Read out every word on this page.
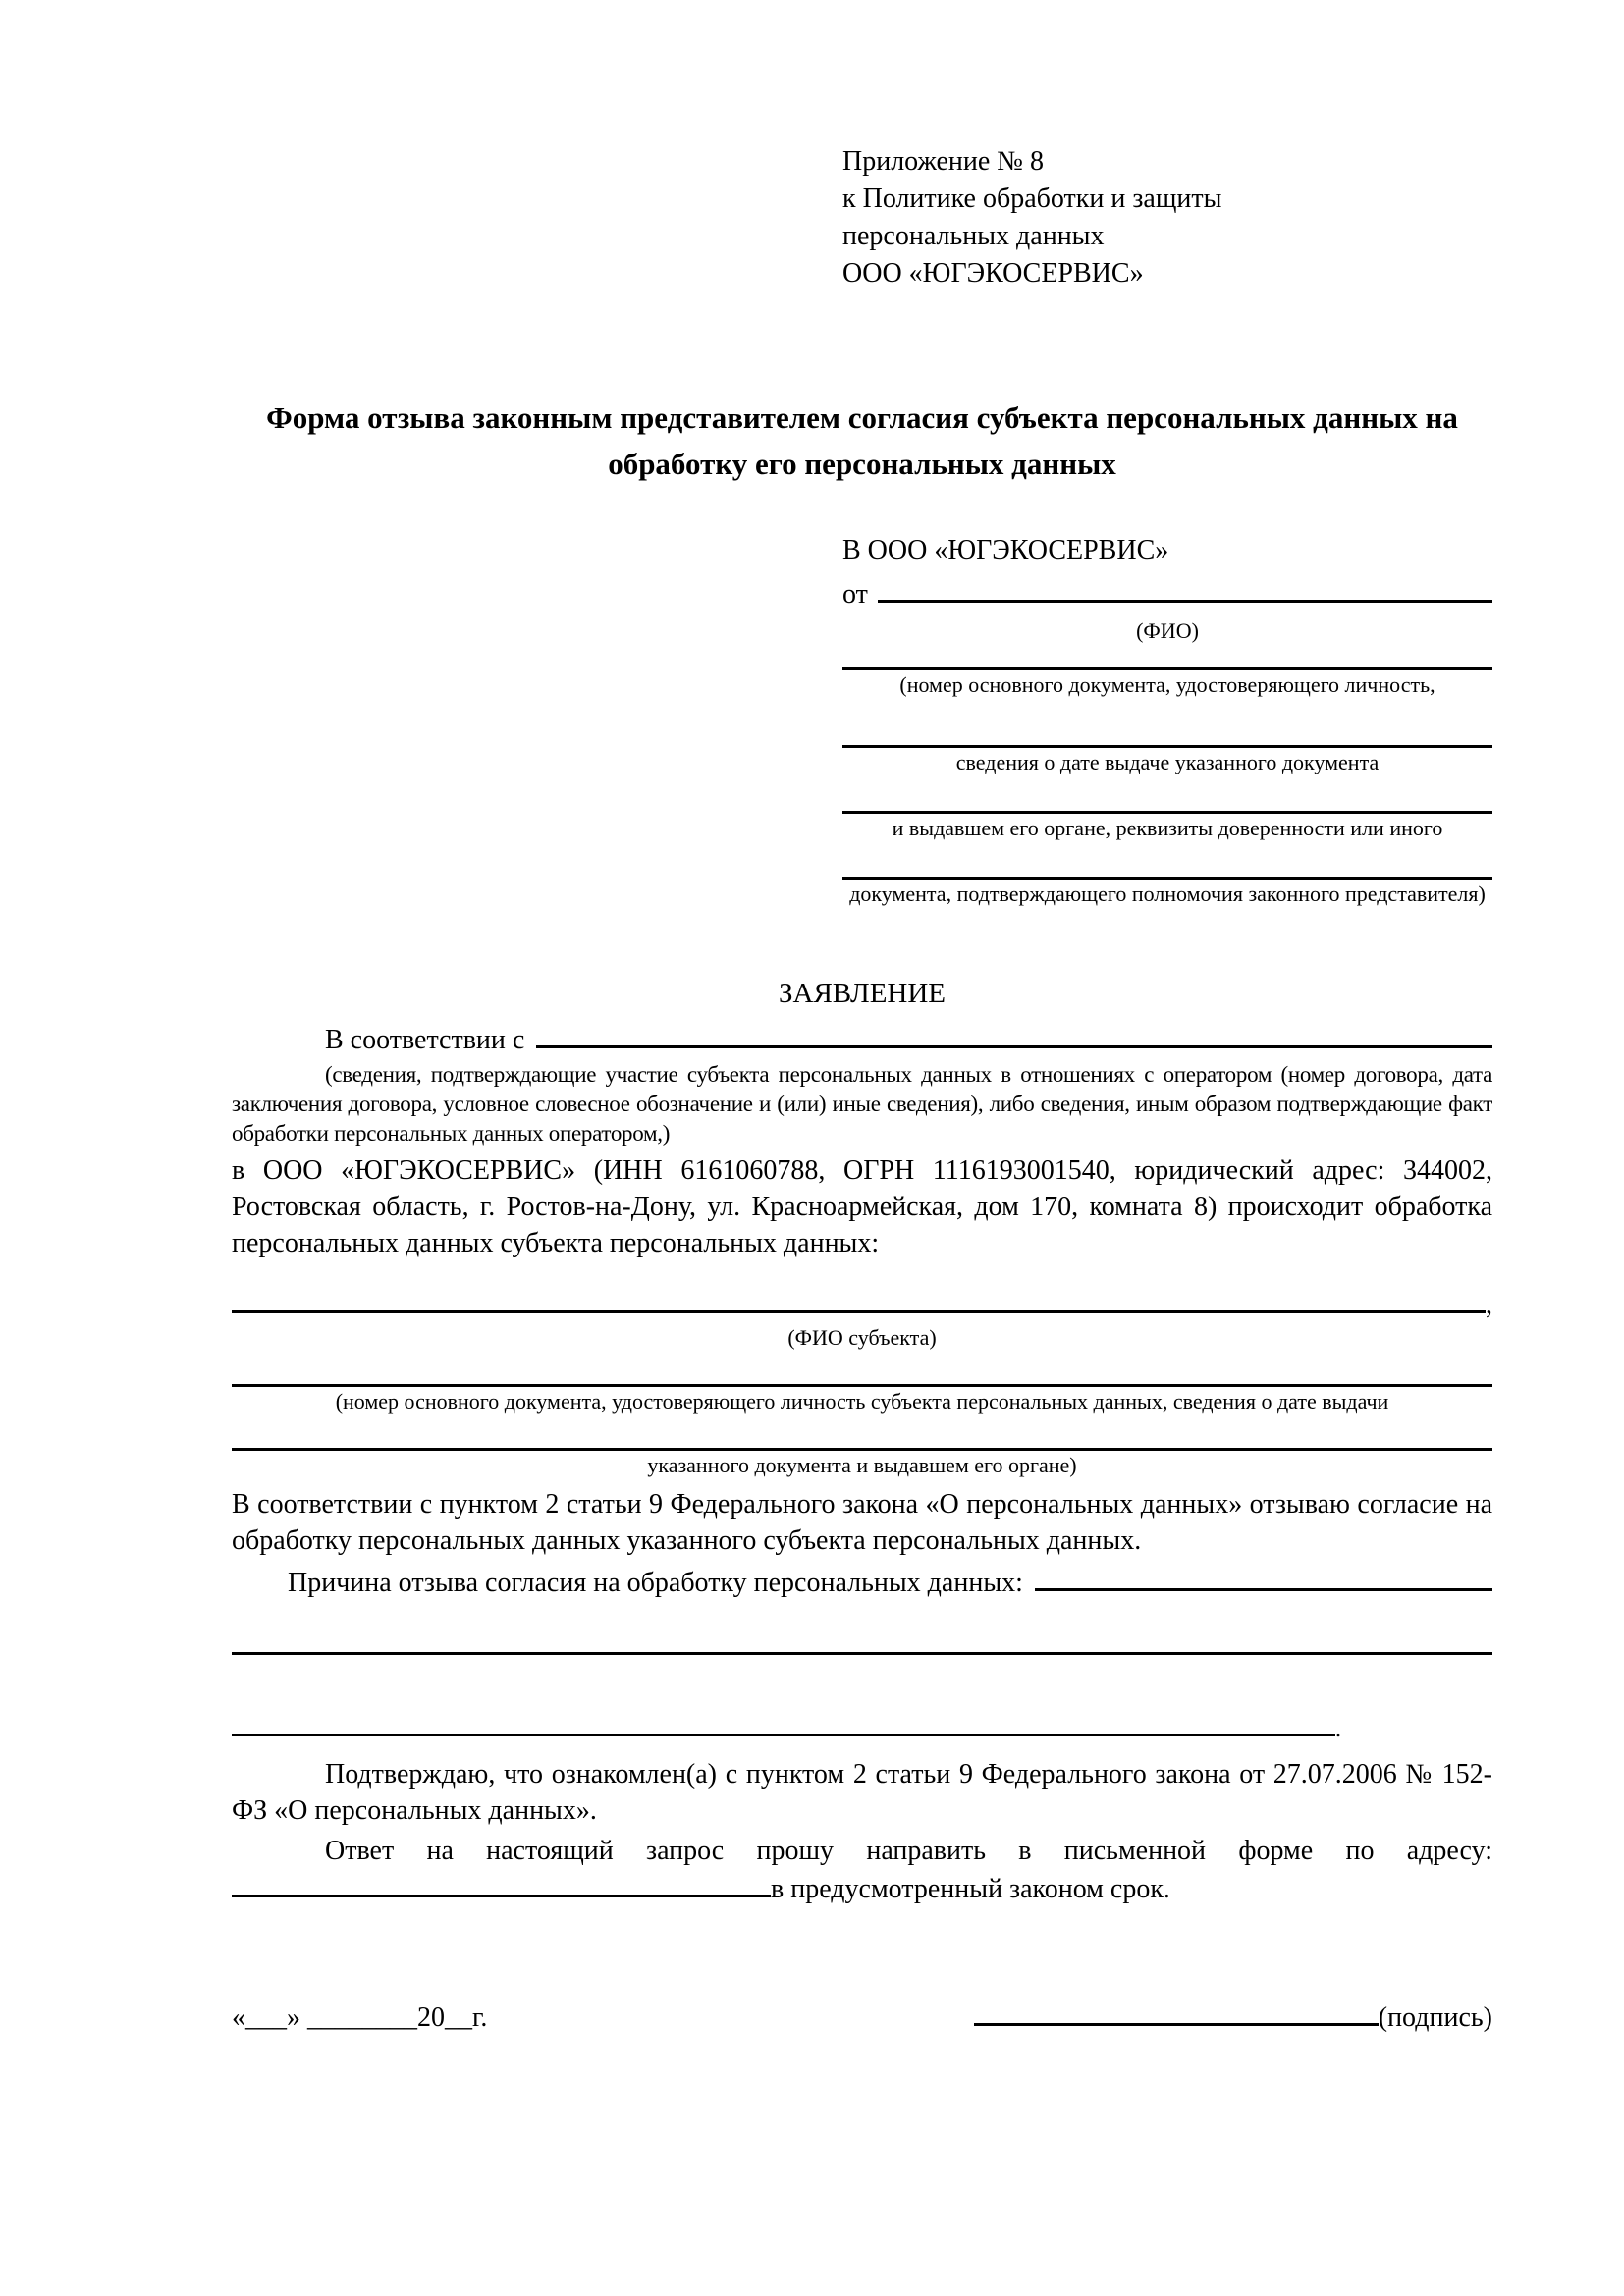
Приложение № 8
к Политике обработки и защиты
персональных данных
ООО «ЮГЭКОСЕРВИС»
Форма отзыва законным представителем согласия субъекта персональных данных на обработку его персональных данных
В ООО «ЮГЭКОСЕРВИС»
от
(ФИО)
(номер основного документа, удостоверяющего личность,
сведения о дате выдаче указанного документа
и выдавшем его органе, реквизиты доверенности или иного
документа, подтверждающего полномочия законного представителя)
ЗАЯВЛЕНИЕ
В соответствии с

(сведения, подтверждающие участие субъекта персональных данных в отношениях с оператором (номер договора, дата заключения договора, условное словесное обозначение и (или) иные сведения), либо сведения, иным образом подтверждающие факт обработки персональных данных оператором,)

в ООО «ЮГЭКОСЕРВИС» (ИНН 6161060788, ОГРН 1116193001540, юридический адрес: 344002, Ростовская область, г. Ростов-на-Дону, ул. Красноармейская, дом 170, комната 8) происходит обработка персональных данных субъекта персональных данных:

,
(ФИО субъекта)
(номер основного документа, удостоверяющего личность субъекта персональных данных, сведения о дате выдачи
указанного документа и выдавшем его органе)

В соответствии с пунктом 2 статьи 9 Федерального закона «О персональных данных» отзываю согласие на обработку персональных данных указанного субъекта персональных данных.

Причина отзыва согласия на обработку персональных данных:
.

Подтверждаю, что ознакомлен(а) с пунктом 2 статьи 9 Федерального закона от 27.07.2006 № 152-ФЗ «О персональных данных».

Ответ на настоящий запрос прошу направить в письменной форме по адресу:

в предусмотренный законом срок.
«___» ________20__г.	(подпись)
